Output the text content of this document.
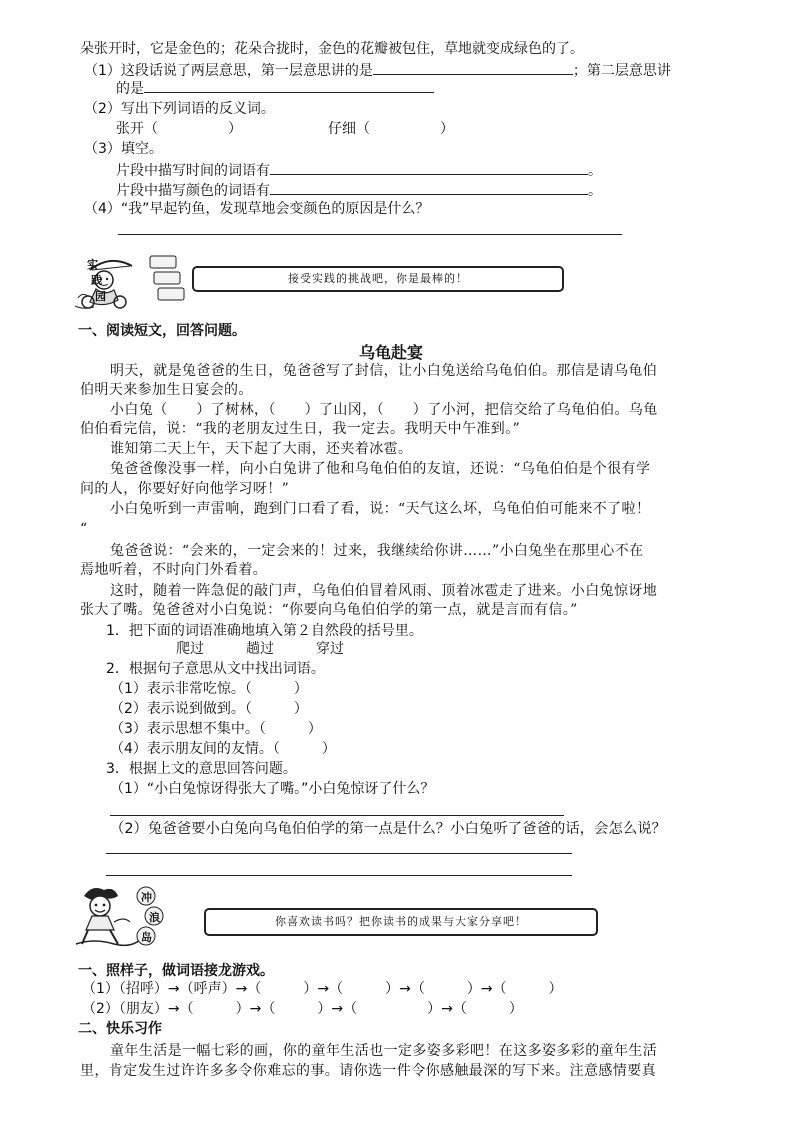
朵张开时，它是金色的；花朵合拢时，金色的花瓣被包住，草地就变成绿色的了。
（1）这段话说了两层意思，第一层意思讲的是	；第二层意思讲
的是
（2）写出下列词语的反义词。
张开（　　　　　）	仔细（　　　　　）
（3）填空。
片段中描写时间的词语有	。
片段中描写颜色的词语有	。
（4）“我”早起钓鱼，发现草地会变颜色的原因是什么？
实
践
园
接受实践的挑战吧，你是最棒的！
一、阅读短文，回答问题。
乌龟赴宴
明天，就是兔爸爸的生日，兔爸爸写了封信，让小白兔送给乌龟伯伯。那信是请乌龟伯
伯明天来参加生日宴会的。
小白兔（　　）了树林，（　　）了山冈，（　　）了小河，把信交给了乌龟伯伯。乌龟
伯伯看完信，说：“我的老朋友过生日，我一定去。我明天中午准到。”
谁知第二天上午，天下起了大雨，还夹着冰雹。
兔爸爸像没事一样，向小白兔讲了他和乌龟伯伯的友谊，还说：“乌龟伯伯是个很有学
问的人，你要好好向他学习呀！”
小白兔听到一声雷响，跑到门口看了看，说：“天气这么坏，乌龟伯伯可能来不了啦！
“
兔爸爸说：“会来的，一定会来的！过来，我继续给你讲……”小白兔坐在那里心不在
焉地听着，不时向门外看着。
这时，随着一阵急促的敲门声，乌龟伯伯冒着风雨、顶着冰雹走了进来。小白兔惊讶地
张大了嘴。兔爸爸对小白兔说：“你要向乌龟伯伯学的第一点，就是言而有信。”
1．把下面的词语准确地填入第２自然段的括号里。
爬过　　　趟过　　　穿过
2．根据句子意思从文中找出词语。
（1）表示非常吃惊。（　　　）
（2）表示说到做到。（　　　）
（3）表示思想不集中。（　　　）
（4）表示朋友间的友情。（　　　）
3．根据上文的意思回答问题。
（1）“小白兔惊讶得张大了嘴。”小白兔惊讶了什么？
（2）兔爸爸要小白兔向乌龟伯伯学的第一点是什么？小白兔听了爸爸的话，会怎么说？
冲
浪
岛
你喜欢读书吗？把你读书的成果与大家分享吧！
一、照样子，做词语接龙游戏。
（1）（招呼）→（呼声）→（　　　）→（　　　）→（　　　）→（　　　）
（2）（朋友）→（　　　）→（　　　）→（　　　　　）→（　　　）
二、快乐习作
童年生活是一幅七彩的画，你的童年生活也一定多姿多彩吧！在这多姿多彩的童年生活
里，肯定发生过许许多多令你难忘的事。请你选一件令你感触最深的写下来。注意感情要真
